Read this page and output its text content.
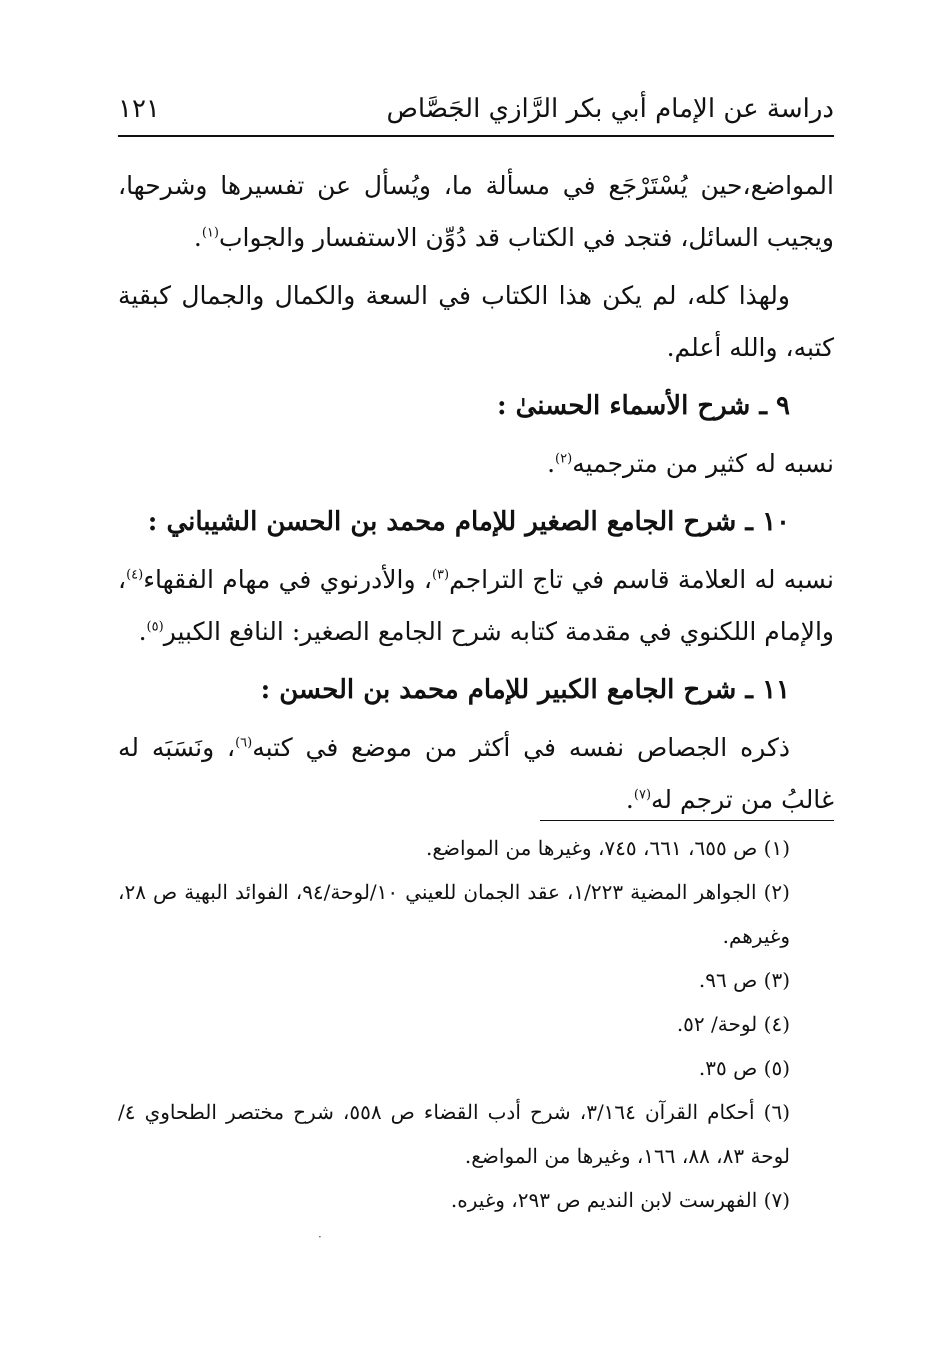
دراسة عن الإمام أبي بكر الرَّازي الجَصَّاص
١٢١

المواضع،حين يُسْتَرْجَع في مسألة ما، ويُسأل عن تفسيرها وشرحها، ويجيب السائل، فتجد في الكتاب قد دُوِّن الاستفسار والجواب$^{(١)}$.

ولهذا كله، لم يكن هذا الكتاب في السعة والكمال والجمال كبقية كتبه، والله أعلم.

٩ ـ شرح الأسماء الحسنىٰ :

نسبه له كثير من مترجميه$^{(٢)}$.

١٠ ـ شرح الجامع الصغير للإمام محمد بن الحسن الشيباني :

نسبه له العلامة قاسم في تاج التراجم$^{(٣)}$، والأدرنوي في مهام الفقهاء$^{(٤)}$، والإمام اللكنوي في مقدمة كتابه شرح الجامع الصغير: النافع الكبير$^{(٥)}$.

١١ ـ شرح الجامع الكبير للإمام محمد بن الحسن :

ذكره الجصاص نفسه في أكثر من موضع في كتبه$^{(٦)}$، ونَسَبَه له غالبُ من ترجم له$^{(٧)}$.

(١) ص ٦٥٥، ٦٦١، ٧٤٥، وغيرها من المواضع.

(٢) الجواهر المضية ١/٢٢٣، عقد الجمان للعيني ١٠/لوحة/٩٤، الفوائد البهية ص ٢٨، وغيرهم.

(٣) ص ٩٦.

(٤) لوحة/ ٥٢.

(٥) ص ٣٥.

(٦) أحكام القرآن ٣/١٦٤، شرح أدب القضاء ص ٥٥٨، شرح مختصر الطحاوي ٤/لوحة ٨٣، ٨٨، ١٦٦، وغيرها من المواضع.

(٧) الفهرست لابن النديم ص ٢٩٣، وغيره.

·
